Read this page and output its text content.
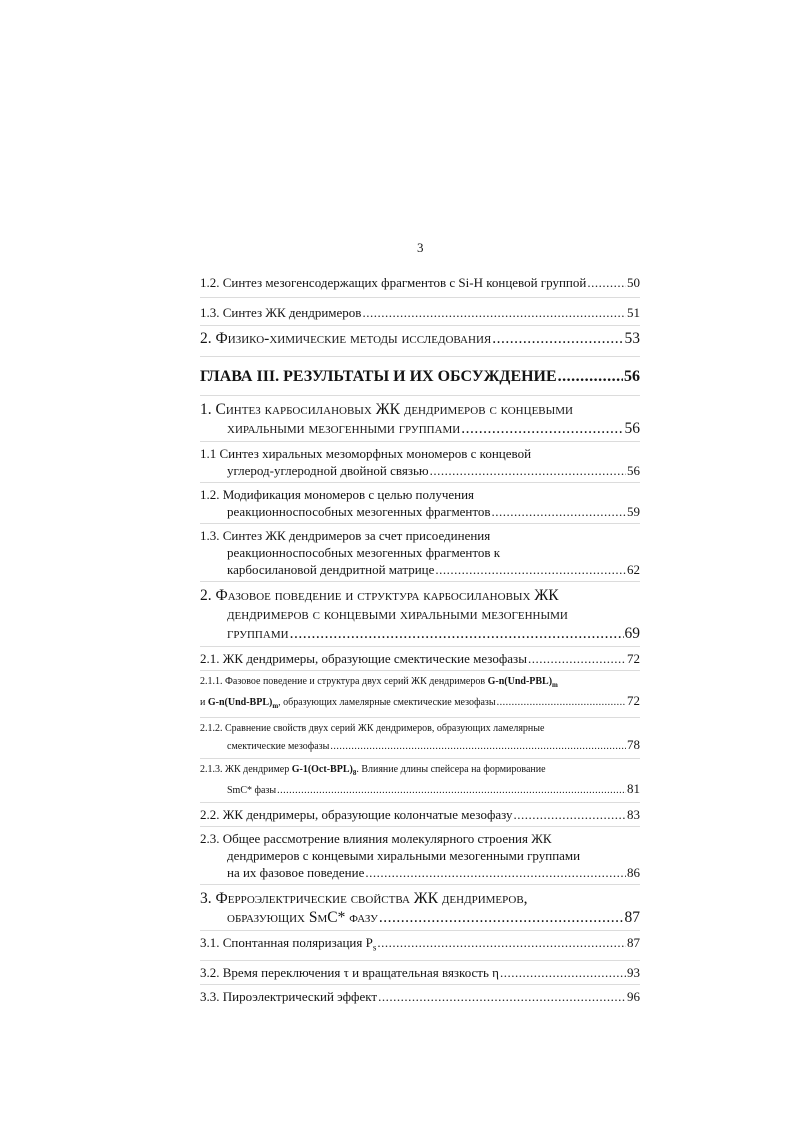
3
1.2. Синтез мезогенсодержащих фрагментов с Si-H концевой группой .....	50
1.3. Синтез ЖК дендримеров .....	51
2. Физико-химические методы исследования .....	53
ГЛАВА III. РЕЗУЛЬТАТЫ И ИХ ОБСУЖДЕНИЕ .....	56
1. Синтез карбосилановых ЖК дендримеров с концевыми
хиральными мезогенными группами .....	56
1.1 Синтез хиральных мезоморфных мономеров с концевой
углерод-углеродной двойной связью .....	56
1.2. Модификация мономеров с целью получения
реакционноспособных мезогенных фрагментов .....	59
1.3. Синтез ЖК дендримеров за счет присоединения
реакционноспособных мезогенных фрагментов к
карбосилановой дендритной матрице .....	62
2. Фазовое поведение и структура карбосилановых ЖК
дендримеров с концевыми хиральными мезогенными
группами .....	69
2.1. ЖК дендримеры, образующие смектические мезофазы .....	72
2.1.1. Фазовое поведение и структура двух серий ЖК дендримеров
$G-n(Und-PBL)_m$
и
$G-n(Und-BPL)_m$ , образующих ламелярные смектические мезофазы .....	72
2.1.2. Сравнение свойств двух серий ЖК дендримеров, образующих ламелярные
смектические мезофазы .....	78
2.1.3. ЖК дендример
$G-1(Oct-BPL)_8$ . Влияние длины спейсера на формирование
SmC* фазы .....	81
2.2. ЖК дендримеры, образующие колончатые мезофазу .....	83
2.3. Общее рассмотрение влияния молекулярного строения ЖК
дендримеров с концевыми хиральными мезогенными группами
на их фазовое поведение .....	86
3. Ферроэлектрические свойства ЖК дендримеров,
образующих SmC* фазу .....	87
3.1. Спонтанная поляризация $P_s$ .....	87
3.2. Время переключения τ и вращательная вязкость η .....	93
3.3. Пироэлектрический эффект .....	96
